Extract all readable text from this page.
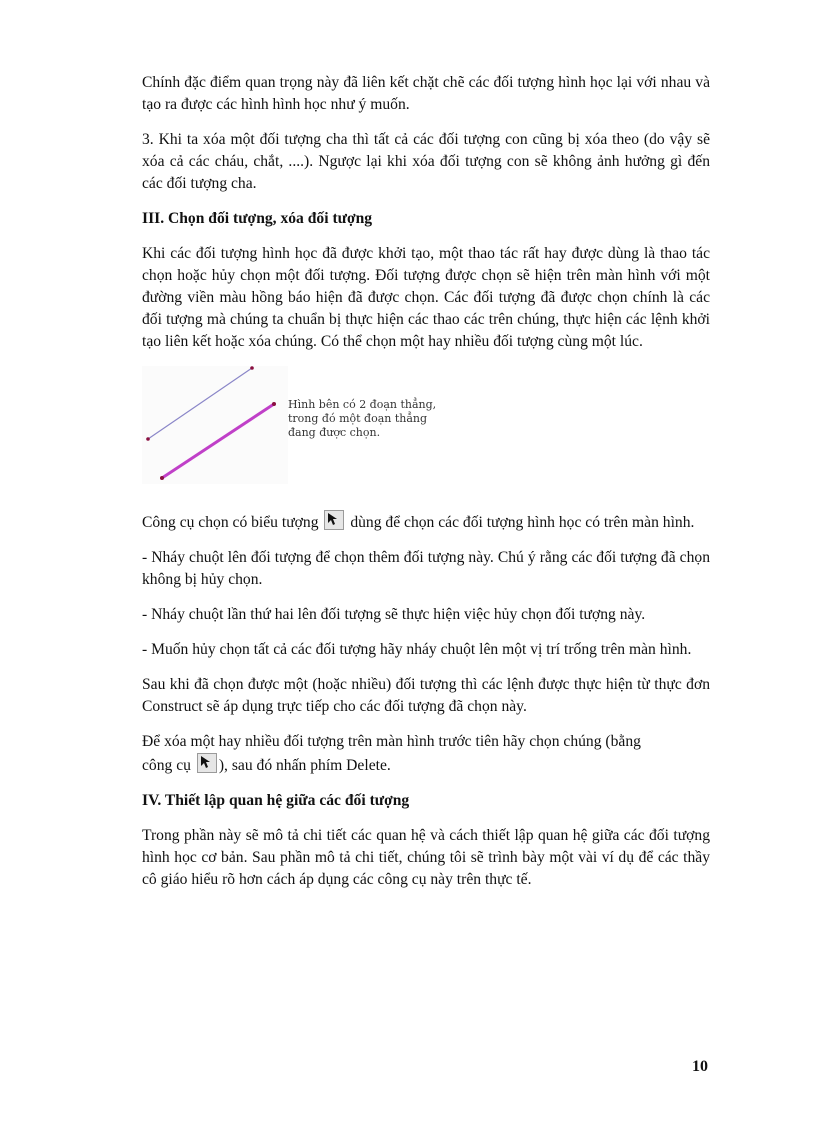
Chính đặc điểm quan trọng này đã liên kết chặt chẽ các đối tượng hình học lại với nhau và tạo ra được các hình hình học như ý muốn.

3. Khi ta xóa một đối tượng cha thì tất cả các đối tượng con cũng bị xóa theo (do vậy sẽ xóa cả các cháu, chắt, ....). Ngược lại khi xóa đối tượng con sẽ không ảnh hưởng gì đến các đối tượng cha.

III. Chọn đối tượng, xóa đối tượng

Khi các đối tượng hình học đã được khởi tạo, một thao tác rất hay được dùng là thao tác chọn hoặc hủy chọn một đối tượng. Đối tượng được chọn sẽ hiện trên màn hình với một đường viền màu hồng báo hiện đã được chọn. Các đối tượng đã được chọn chính là các đối tượng mà chúng ta chuẩn bị thực hiện các thao các trên chúng, thực hiện các lệnh khởi tạo liên kết hoặc xóa chúng. Có thể chọn một hay nhiều đối tượng cùng một lúc.

Hình bên có 2 đoạn thẳng,
trong đó một đoạn thẳng
đang được chọn.

Công cụ chọn có biểu tượng dùng để chọn các đối tượng hình học có trên màn hình.

- Nháy chuột lên đối tượng để chọn thêm đối tượng này. Chú ý rằng các đối tượng đã chọn không bị hủy chọn.

- Nháy chuột lần thứ hai lên đối tượng sẽ thực hiện việc hủy chọn đối tượng này.

- Muốn hủy chọn tất cả các đối tượng hãy nháy chuột lên một vị trí trống trên màn hình.

Sau khi đã chọn được một (hoặc nhiều) đối tượng thì các lệnh được thực hiện từ thực đơn Construct sẽ áp dụng trực tiếp cho các đối tượng đã chọn này.

Để xóa một hay nhiều đối tượng trên màn hình trước tiên hãy chọn chúng (bằng
công cụ ), sau đó nhấn phím Delete.

IV. Thiết lập quan hệ giữa các đối tượng

Trong phần này sẽ mô tả chi tiết các quan hệ và cách thiết lập quan hệ giữa các đối tượng hình học cơ bản. Sau phần mô tả chi tiết, chúng tôi sẽ trình bày một vài ví dụ để các thầy cô giáo hiểu rõ hơn cách áp dụng các công cụ này trên thực tế.

10
